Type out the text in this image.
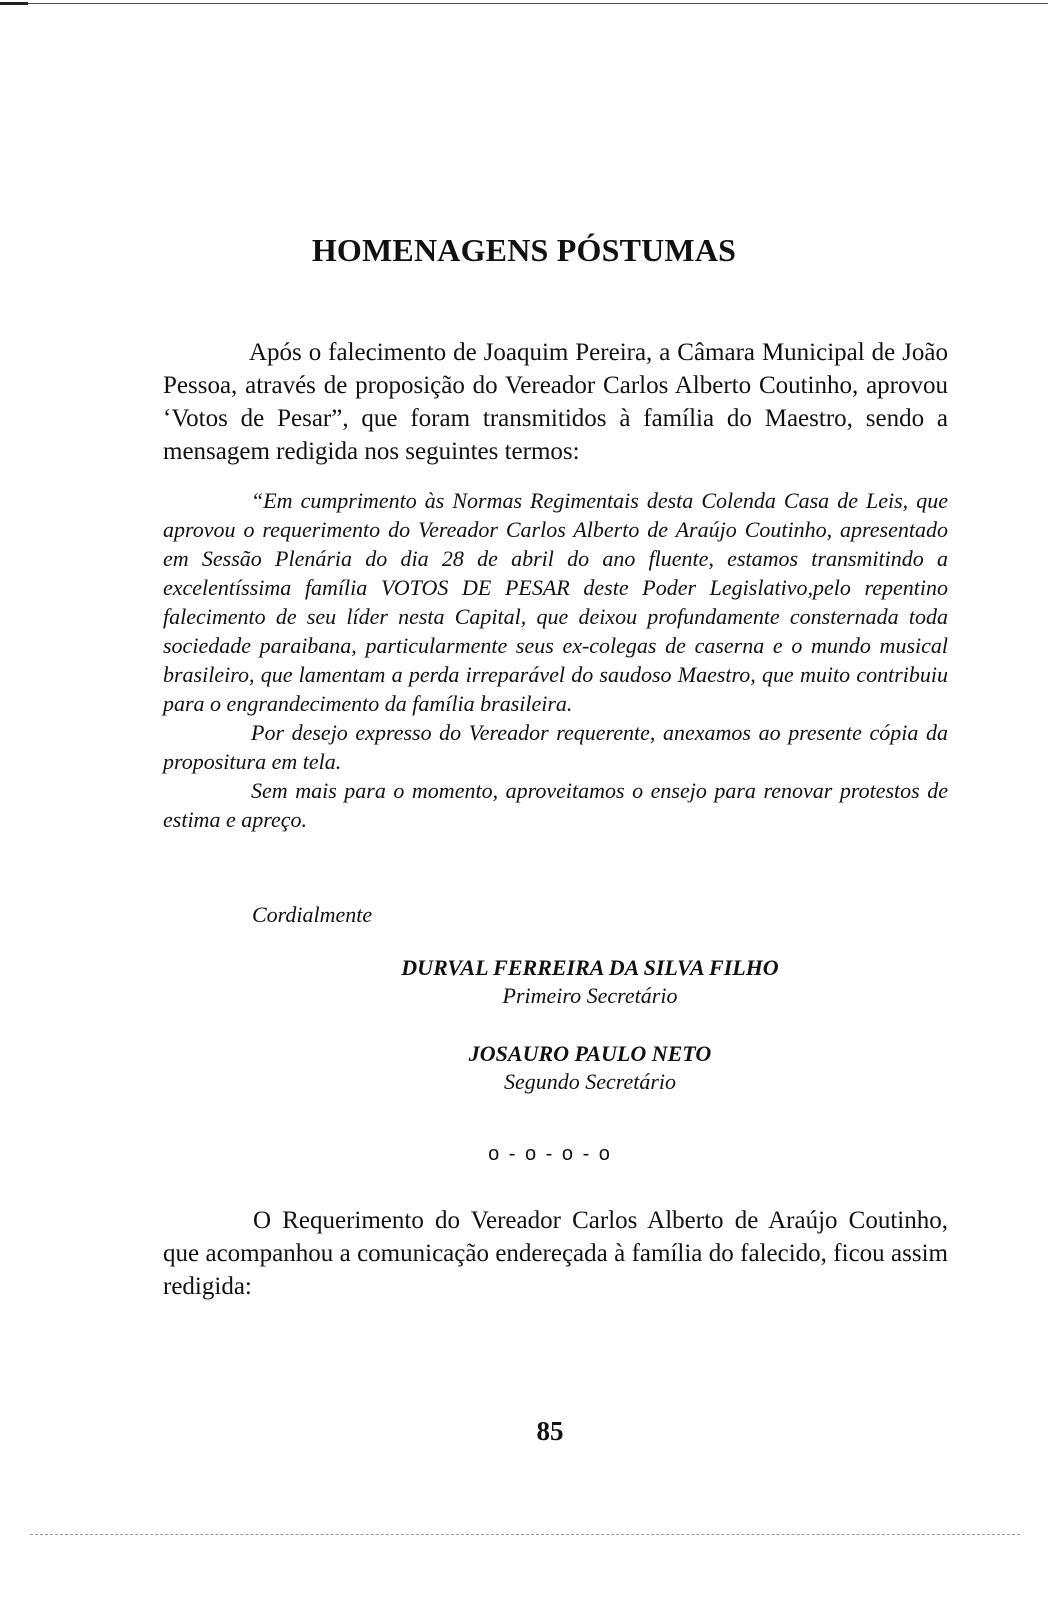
HOMENAGENS PÓSTUMAS
Após o falecimento de Joaquim Pereira, a Câmara Municipal de João Pessoa, através de proposição do Vereador Carlos Alberto Coutinho, aprovou ‘Votos de Pesar”, que foram transmitidos à família do Maestro, sendo a mensagem redigida nos seguintes termos:

“Em cumprimento às Normas Regimentais desta Colenda Casa de Leis, que aprovou o requerimento do Vereador Carlos Alberto de Araújo Coutinho, apresentado em Sessão Plenária do dia 28 de abril do ano fluente, estamos transmitindo a excelentíssima família VOTOS DE PESAR deste Poder Legislativo,pelo repentino falecimento de seu líder nesta Capital, que deixou profundamente consternada toda sociedade paraibana, particularmente seus ex-colegas de caserna e o mundo musical brasileiro, que lamentam a perda irreparável do saudoso Maestro, que muito contribuiu para o engrandecimento da família brasileira.

Por desejo expresso do Vereador requerente, anexamos ao presente cópia da propositura em tela.

Sem mais para o momento, aproveitamos o ensejo para renovar protestos de estima e apreço.

Cordialmente
DURVAL FERREIRA DA SILVA FILHO
Primeiro Secretário
JOSAURO PAULO NETO
Segundo Secretário
o - o - o - o
O Requerimento do Vereador Carlos Alberto de Araújo Coutinho, que acompanhou a comunicação endereçada à família do falecido, ficou assim redigida:
85
